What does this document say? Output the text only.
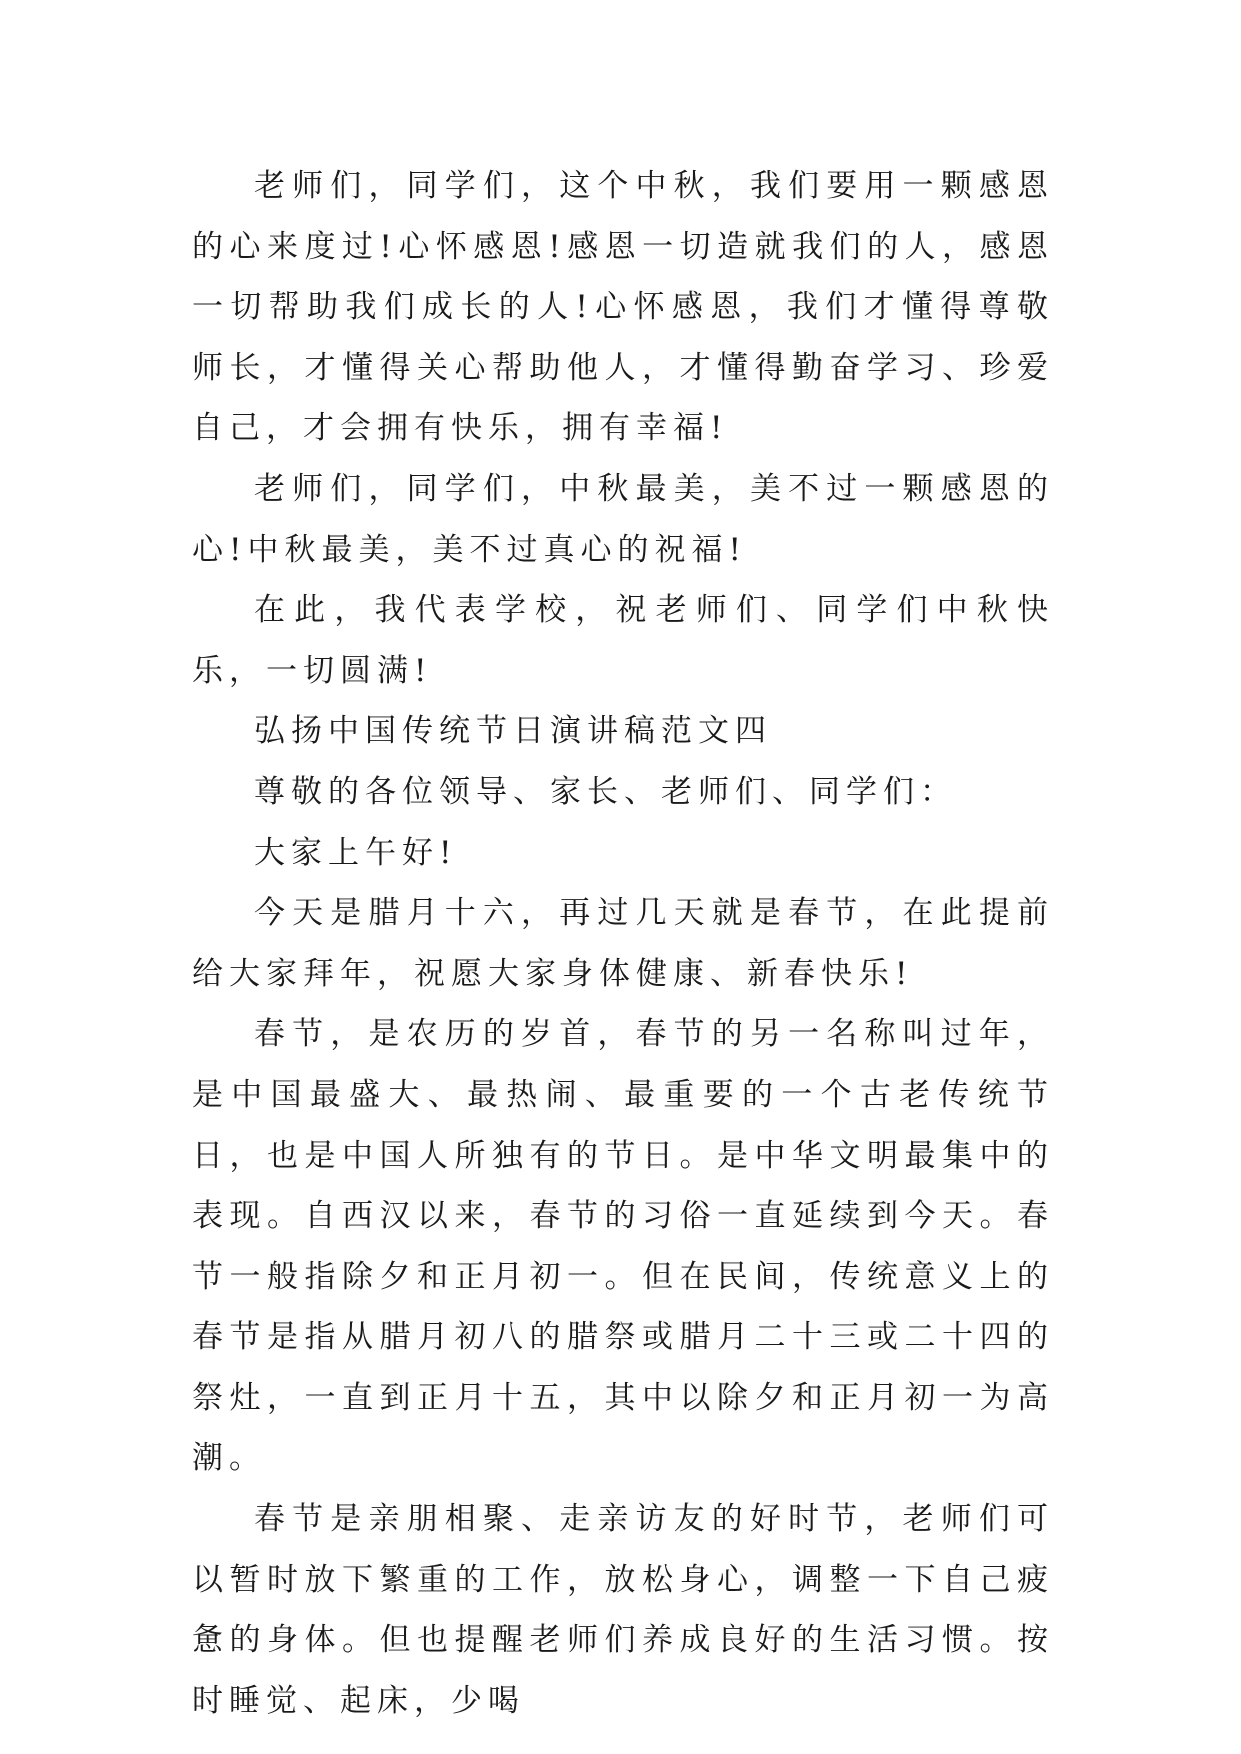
老师们，同学们，这个中秋，我们要用一颗感恩的心来度过!心怀感恩!感恩一切造就我们的人，感恩一切帮助我们成长的人!心怀感恩，我们才懂得尊敬师长，才懂得关心帮助他人，才懂得勤奋学习、珍爱自己，才会拥有快乐，拥有幸福!

老师们，同学们，中秋最美，美不过一颗感恩的心!中秋最美，美不过真心的祝福!

在此，我代表学校，祝老师们、同学们中秋快乐，一切圆满!

弘扬中国传统节日演讲稿范文四

尊敬的各位领导、家长、老师们、同学们：

大家上午好!

今天是腊月十六，再过几天就是春节，在此提前给大家拜年，祝愿大家身体健康、新春快乐!

春节，是农历的岁首，春节的另一名称叫过年，是中国最盛大、最热闹、最重要的一个古老传统节日，也是中国人所独有的节日。是中华文明最集中的表现。自西汉以来，春节的习俗一直延续到今天。春节一般指除夕和正月初一。但在民间，传统意义上的春节是指从腊月初八的腊祭或腊月二十三或二十四的祭灶，一直到正月十五，其中以除夕和正月初一为高潮。

春节是亲朋相聚、走亲访友的好时节，老师们可以暂时放下繁重的工作，放松身心，调整一下自己疲惫的身体。但也提醒老师们养成良好的生活习惯。按时睡觉、起床，少喝
